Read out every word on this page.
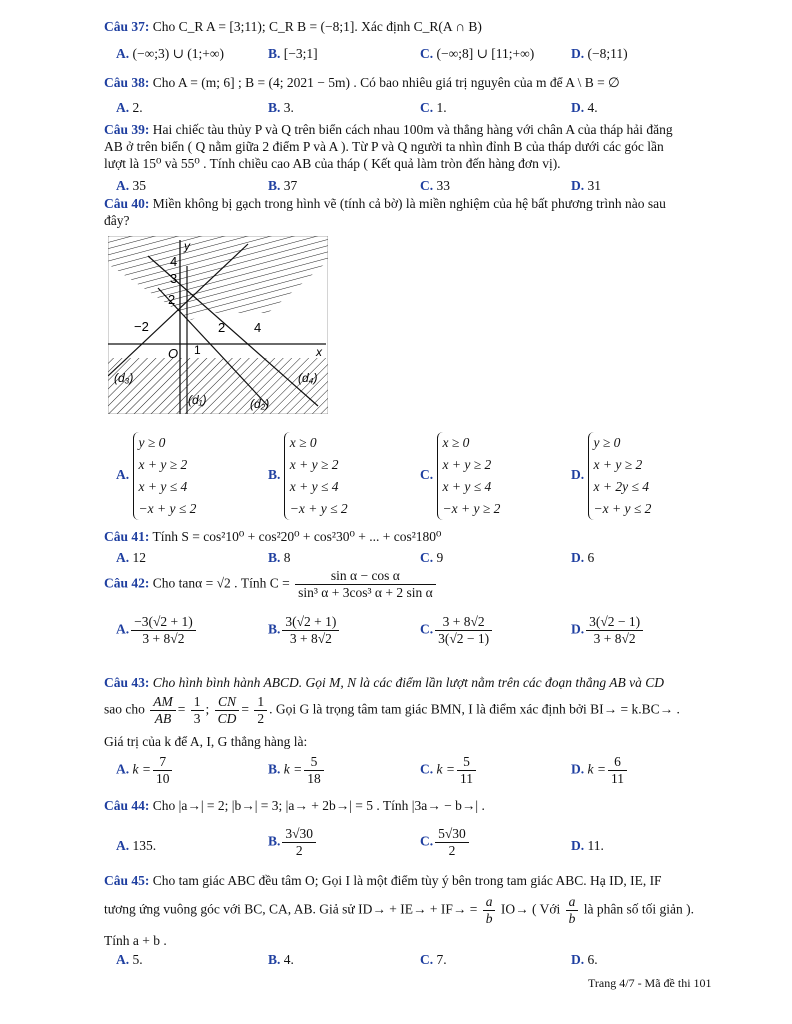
Câu 37: Cho C_R A = [3;11); C_R B = (−8;1]. Xác định C_R(A ∩ B)
A. (−∞;3) ∪ (1;+∞)	B. [−3;1]	C. (−∞;8] ∪ [11;+∞)	D. (−8;11)
Câu 38: Cho A = (m; 6] ; B = (4; 2021 − 5m) . Có bao nhiêu giá trị nguyên của m để A \ B = ∅
A. 2.	B. 3.	C. 1.	D. 4.
Câu 39: Hai chiếc tàu thủy P và Q trên biển cách nhau 100m và thẳng hàng với chân A của tháp hải đăng
AB ở trên biển ( Q nằm giữa 2 điểm P và A ). Từ P và Q người ta nhìn đỉnh B của tháp dưới các góc lần
lượt là 15⁰ và 55⁰ . Tính chiều cao AB của tháp ( Kết quả làm tròn đến hàng đơn vị).
A. 35	B. 37	C. 33	D. 31
Câu 40: Miền không bị gạch trong hình vẽ (tính cả bờ) là miền nghiệm của hệ bất phương trình nào sau
đây?
y
x
O
4
3
2
−2
1
2 4
(d₁)	(d₂)
(d₃)	(d₄)
A. y ≥ 0
x + y ≥ 2
x + y ≤ 4
−x + y ≤ 2
B. x ≥ 0
x + y ≥ 2
x + y ≤ 4
−x + y ≤ 2
C. x ≥ 0
x + y ≥ 2
x + y ≤ 4
−x + y ≥ 2
D. y ≥ 0
x + y ≥ 2
x + 2y ≤ 4
−x + y ≤ 2
Câu 41: Tính S = cos²10⁰ + cos²20⁰ + cos²30⁰ + ... + cos²180⁰
A. 12	B. 8	C. 9	D. 6
Câu 42: Cho tanα = √2 . Tính $C = \frac{\text{sin α − cos α}}{\text{sin³ α + 3cos³ α + 2 sin α}}$
A. $\frac{-3(√2 + 1)}{3 + 8√2}$	B. $\frac{3(√2 + 1)}{3 + 8√2}$	C. $\frac{3 + 8√2}{3(√2 - 1)}$	D. $\frac{3(√2 - 1)}{3 + 8√2}$
Câu 43: Cho hình bình hành ABCD. Gọi M, N là các điểm lần lượt nằm trên các đoạn thẳng AB và CD
sao cho $\frac{AM}{AB} = \frac{1}{3}$ ; $\frac{CN}{CD} = \frac{1}{2}$ . Gọi G là trọng tâm tam giác BMN, I là điểm xác định bởi BI→ = k.BC→ .
Giá trị của k để A, I, G thẳng hàng là:
A. $k = \frac{7}{10}$	B. $k = \frac{5}{18}$	C. $k = \frac{5}{11}$	D. $k = \frac{6}{11}$
Câu 44: Cho |a→| = 2; |b→| = 3; |a→ + 2b→| = 5 . Tính |3a→ − b→| .
A. 135.	B. $\frac{3√30}{2}$	C. $\frac{5√30}{2}$	D. 11.
Câu 45: Cho tam giác ABC đều tâm O; Gọi I là một điểm tùy ý bên trong tam giác ABC. Hạ ID, IE, IF
tương ứng vuông góc với BC, CA, AB. Giả sử $ID\to + IE\to + IF\to = \frac{a}{b} IO\to$ ( Với $\frac{a}{b}$ là phân số tối giản ).
Tính a + b .
A. 5.	B. 4.	C. 7.	D. 6.
Trang 4/7 - Mã đề thi 101
